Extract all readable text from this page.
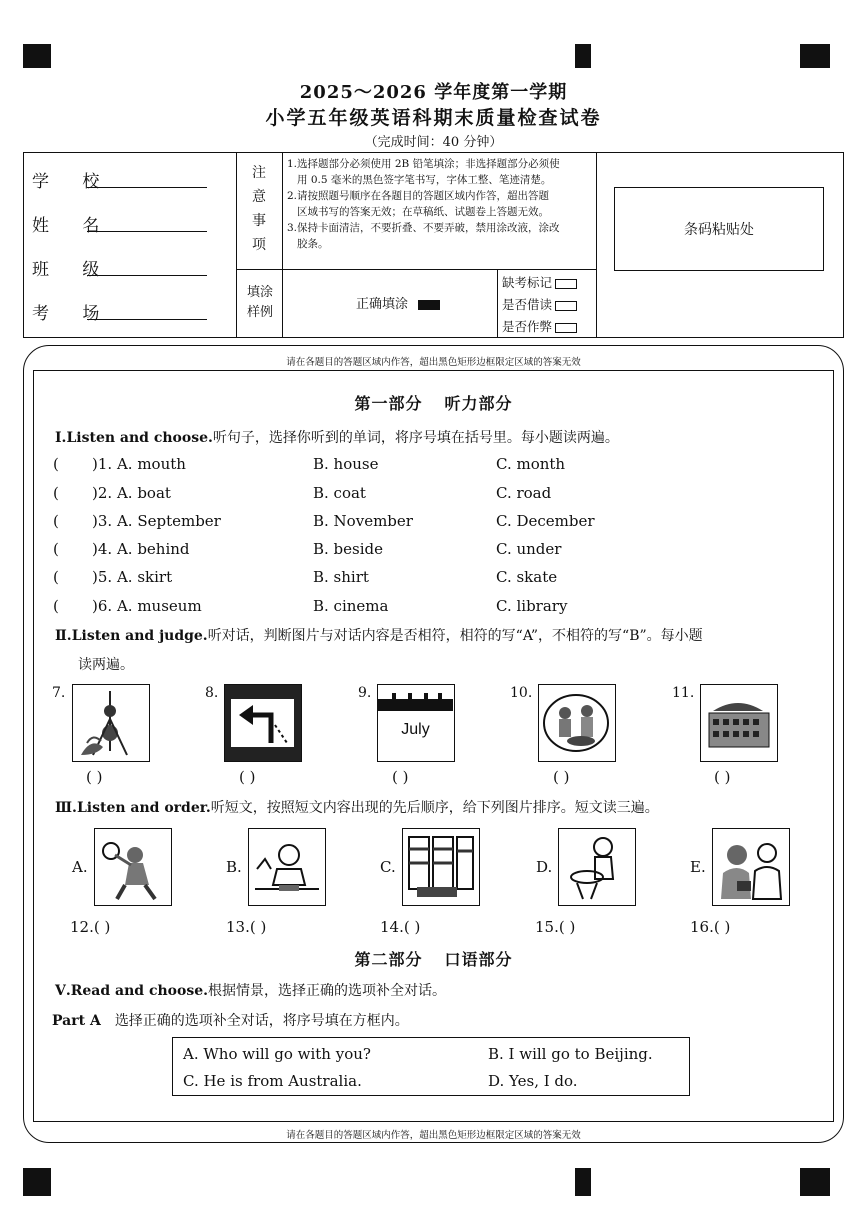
2025～2026 学年度第一学期
小学五年级英语科期末质量检查试卷
（完成时间：40 分钟）
学 校
姓 名
班 级
考 场
注
意
事
项
1.选择题部分必须使用 2B 铅笔填涂；非选择题部分必须使
用 0.5 毫米的黑色签字笔书写，字体工整、笔迹清楚。
2.请按照题号顺序在各题目的答题区域内作答，超出答题
区域书写的答案无效；在草稿纸、试题卷上答题无效。
3.保持卡面清洁，不要折叠、不要弄破，禁用涂改液，涂改
胶条。
条码粘贴处
填涂
样例
正确填涂
缺考标记
是否借读
是否作弊
请在各题目的答题区域内作答，超出黑色矩形边框限定区域的答案无效
请在各题目的答题区域内作答，超出黑色矩形边框限定区域的答案无效
第一部分 听力部分
Ⅰ.Listen and choose.听句子，选择你听到的单词，将序号填在括号里。每小题读两遍。
( )1. A. mouth	B. house	C. month
( )2. A. boat	B. coat	C. road
( )3. A. September	B. November	C. December
( )4. A. behind	B. beside	C. under
( )5. A. skirt	B. shirt	C. skate
( )6. A. museum	B. cinema	C. library
Ⅱ.Listen and judge.听对话，判断图片与对话内容是否相符，相符的写“A”，不相符的写“B”。每小题
读两遍。
7.	8.	9.
July
10.	11.
( )	( )	( )	( )	( )
Ⅲ.Listen and order.听短文，按照短文内容出现的先后顺序，给下列图片排序。短文读三遍。
A.	B.	C.	D.	E.
12.( )	13.( )	14.( )	15.( )	16.( )
第二部分 口语部分
Ⅴ.Read and choose.根据情景，选择正确的选项补全对话。
Part A 选择正确的选项补全对话，将序号填在方框内。
A. Who will go with you?	B. I will go to Beijing.
C. He is from Australia.	D. Yes, I do.
